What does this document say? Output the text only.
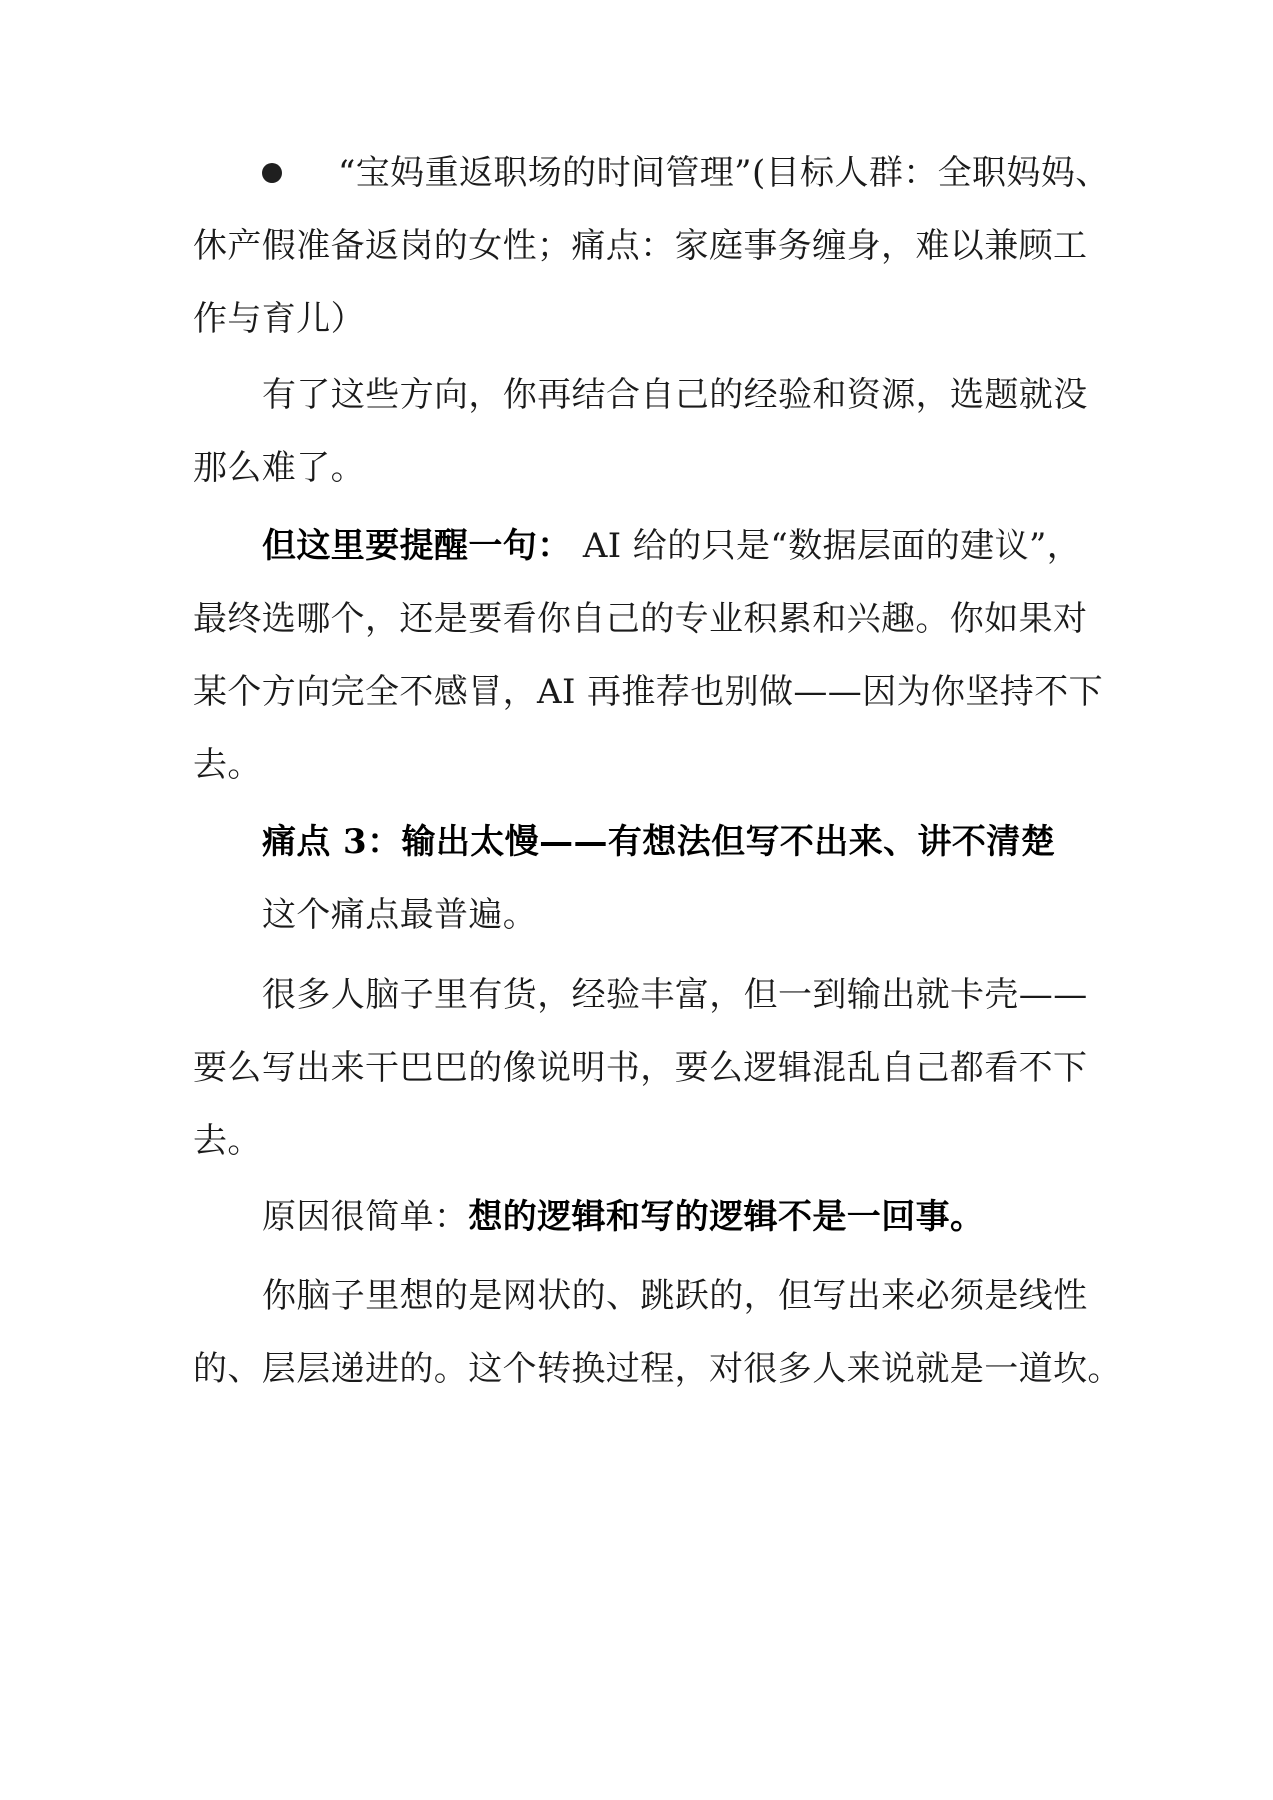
“宝妈重返职场的时间管理”(目标人群：全职妈妈、
休产假准备返岗的女性；痛点：家庭事务缠身，难以兼顾工
作与育儿）
有了这些方向，你再结合自己的经验和资源，选题就没
那么难了。
但这里要提醒一句： AI 给的只是“数据层面的建议”，
最终选哪个，还是要看你自己的专业积累和兴趣。你如果对
某个方向完全不感冒，AI 再推荐也别做——因为你坚持不下
去。
痛点 3：输出太慢——有想法但写不出来、讲不清楚
这个痛点最普遍。
很多人脑子里有货，经验丰富，但一到输出就卡壳——
要么写出来干巴巴的像说明书，要么逻辑混乱自己都看不下
去。
原因很简单：想的逻辑和写的逻辑不是一回事。
你脑子里想的是网状的、跳跃的，但写出来必须是线性
的、层层递进的。这个转换过程，对很多人来说就是一道坎。
